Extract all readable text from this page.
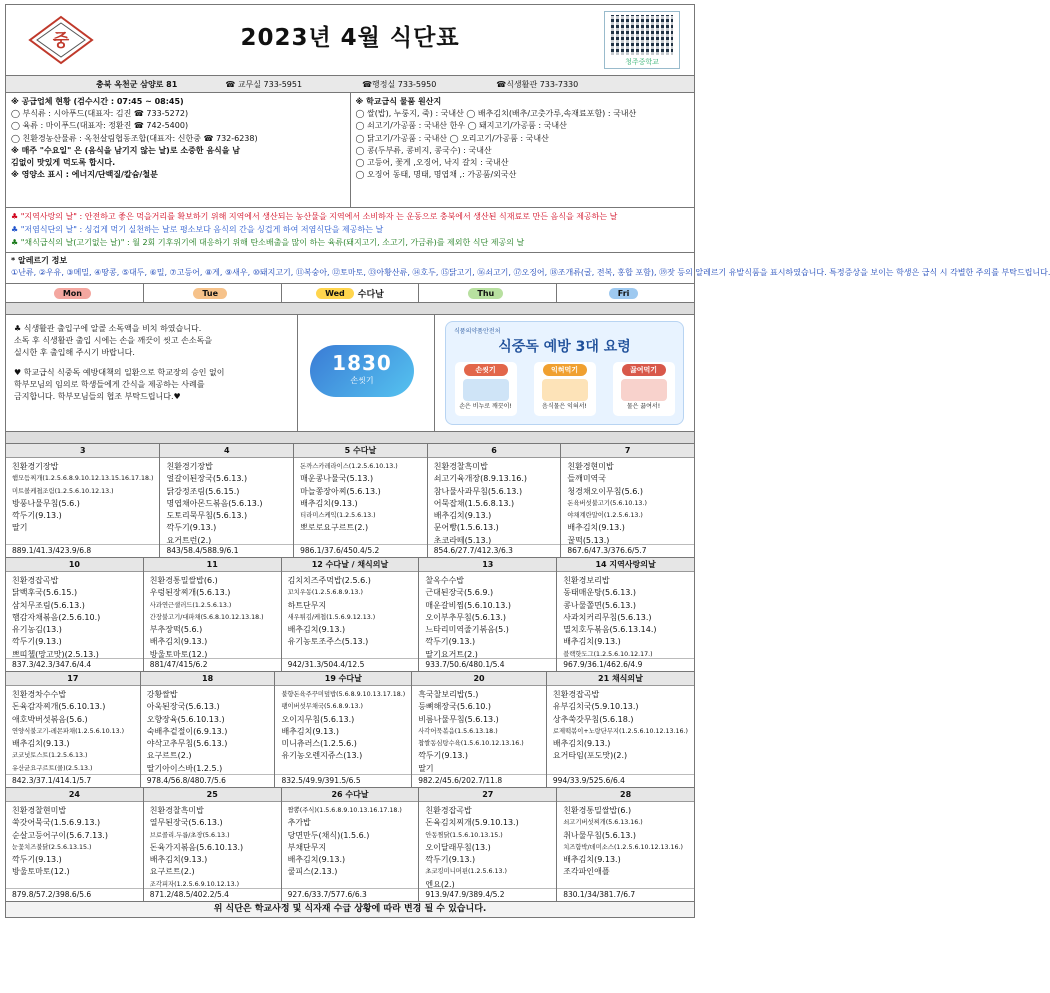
중	2023년 4월 식단표
청주중학교
충북 옥천군 삼양로 81	☎ 교무실 733-5951	☎행정실 733-5950	☎식생활관 733-7330
※ 공급업체 현황 (검수시간 : 07:45 ~ 08:45)
◯ 부식류 : 시아푸드(대표자: 김진 ☎ 733-5272)
◯ 육류 : 마이푸드(대표자: 정환진 ☎ 742-5400)
◯ 친환경농산물류 : 옥천살림협동조합(대표자: 신한중 ☎ 732-6238)
※ 매주 "수요일" 은 (음식을 남기지 않는 날)로 소중한 음식을 남
김없이 맛있게 먹도록 합시다.
※ 영양소 표시 : 에너지/단백질/칼슘/철분
※ 학교급식 물품 원산지
◯ 쌀(밥), 누룽지, 죽) : 국내산 ◯ 배추김치(배추/고춧가루,속재료포함) : 국내산
◯ 쇠고기/가공품 : 국내산 한우 ◯ 돼지고기/가공품 : 국내산
◯ 닭고기/가공품 : 국내산 ◯ 오리고기/가공품 : 국내산
◯ 콩(두부류, 콩비지, 콩국수) : 국내산
◯ 고등어, 꽃게 ,오징어, 낙지 갈치 : 국내산
◯ 오징어 동태, 명태, 명엽채 ,: 가공품/외국산
♣ "지역사랑의 날" : 안전하고 좋은 먹을거리를 확보하기 위해 지역에서 생산되는 농산물을 지역에서 소비하자 는 운동으로 충북에서 생산된 식재료로 만든 음식을 제공하는 날
♣ "저염식단의 날" : 싱겁게 먹기 실천하는 날로 평소보다 음식의 간을 싱겁게 하여 저염식단을 제공하는 날
♣ "채식급식의 날(고기없는 날)" : 월 2회 기후위기에 대응하기 위해 탄소배출을 많이 하는 육류(돼지고기, 소고기, 가금류)를 제외한 식단 제공의 날
* 알레르기 정보
①난류, ②우유, ③메밀, ④땅콩, ⑤대두, ⑥밀, ⑦고등어, ⑧게, ⑨새우, ⑩돼지고기, ⑪복숭아, ⑫토마토, ⑬아황산류, ⑭호두, ⑮닭고기, ⑯쇠고기, ⑰오징어, ⑱조개류(굴, 전복, 홍합 포함), ⑲잣 등의 알레르기 유발식품을 표시하였습니다. 특정증상을 보이는 학생은 급식 시 각별한 주의를 부탁드립니다.
Mon	Tue	Wed	수다날	Thu	Fri
♣ 식생활관 출입구에 알콜 소독액을 비치 하였습니다.
소독 후 식생활관 출입 시에는 손을 깨끗이 씻고 손소독을
실시한 후 출입해 주시기 바랍니다.
♥ 학교급식 식중독 예방대책의 일환으로 학교장의 승인 없이
학부모님의 임의로 학생들에게 간식을 제공하는 사례를
금지합니다. 학부모님들의 협조 부탁드립니다.♥
1830
손씻기
식품의약품안전처
식중독 예방 3대 요령
손씻기
손은 비누로 깨끗이!
익혀먹기
음식물은 익혀서!
끓여먹기
물은 끓여서!
3
친환경기장밥
햄모듬찌개(1.2.5.6.8.9.10.12.13.15.16.17.18.)
미트볼케쳡조림(1.2.5.6.10.12.13.)
방풍나물무침(5.6.)
깍두기(9.13.)
딸기
889.1/41.3/423.9/6.8
4
친환경기장밥
얼갈이된장국(5.6.13.)
닭강정조림(5.6.15.)
명엽채아몬드볶음(5.6.13.)
도토리묵무침(5.6.13.)
깍두기(9.13.)
요거트런(2.)
843/58.4/588.9/6.1
5 수다날
돈까스카레라이스(1.2.5.6.10.13.)
매운콩나물국(5.13.)
마늘쫑장아찌(5.6.13.)
배추김치(9.13.)
티라미스케익(1.2.5.6.13.)
뽀로로요구르트(2.)
986.1/37.6/450.4/5.2
6
친환경찰흑미밥
쇠고기육개장(8.9.13.16.)
참나물사과무침(5.6.13.)
어묵잡채(1.5.6.8.13.)
배추김치(9.13.)
문어빵(1.5.6.13.)
초코라떼(5.13.)
854.6/27.7/412.3/6.3
7
친환경현미밥
들깨미역국
청경채오이무침(5.6.)
돈육버섯불고기(5.6.10.13.)
야채계란말이(1.2.5.6.13.)
배추김치(9.13.)
꿀떡(5.13.)
867.6/47.3/376.6/5.7
10
친환경잡곡밥
닭백후국(5.6.15.)
삼치무조림(5.6.13.)
햄감자채볶음(2.5.6.10.)
유기농김(13.)
깍두기(9.13.)
쁘띠첼(망고맛)(2.5.13.)
837.3/42.3/347.6/4.4
11
친환경통밀쌀밥(6.)
우렁된장찌개(5.6.13.)
사과연근샐러드(1.2.5.6.13.)
간장불고기/대파채(5.6.8.10.12.13.18.)
부추장떡(5.6.)
배추김치(9.13.)
방울토마토(12.)
881/47/415/6.2
12 수다날 / 채식의날
김치치즈주먹밥(2.5.6.)
꼬치우동(1.2.5.6.8.9.13.)
하트단무지
새우튀김/케첩(1.5.6.9.12.13.)
배추김치(9.13.)
유기농토조주스(5.13.)
942/31.3/504.4/12.5
13
찰옥수수밥
근대된장국(5.6.9.)
매운갈비찜(5.6.10.13.)
오이부추무침(5.6.13.)
느타리미역줄기볶음(5.)
깍두기(9.13.)
딸기요거트(2.)
933.7/50.6/480.1/5.4
14 지역사랑의날
친환경보리밥
동태매운탕(5.6.13.)
콩나물쫄면(5.6.13.)
사과치커리무침(5.6.13.)
멸치호두볶음(5.6.13.14.)
배추김치(9.13.)
블랙핫도그(1.2.5.6.10.12.17.)
967.9/36.1/462.6/4.9
17
친환경차수수밥
돈육감자찌개(5.6.10.13.)
애호박버섯볶음(5.6.)
연양식불고기-레몬파채(1.2.5.6.10.13.)
배추김치(9.13.)
코코넛토스트(1.2.5.6.13.)
유산균요구르트(쿨)(2.5.13.)
842.3/37.1/414.1/5.7
18
강황쌀밥
아욱된장국(5.6.13.)
오향장육(5.6.10.13.)
숙배추겉절이(6.9.13.)
야삭고추무침(5.6.13.)
요구르트(2.)
딸기아이스바(1.2.5.)
978.4/56.8/480.7/5.6
19 수다날
불향돈육주꾸미덮밥(5.6.8.9.10.13.17.18.)
팽이버섯무채국(5.6.8.9.13.)
오이지무침(5.6.13.)
배추김치(9.13.)
미니츄러스(1.2.5.6.)
유기농오렌지쥬스(13.)
832.5/49.9/391.5/6.5
20
흑국찰보리밥(5.)
등뼈해장국(5.6.10.)
비름나물무침(5.6.13.)
사각어묵볶음(1.5.6.13.18.)
찹쌀동심탕수육(1.5.6.10.12.13.16.)
깍두기(9.13.)
딸기
982.2/45.6/202.7/11.8
21 채식의날
친환경잡곡밥
유부김치국(5.9.10.13.)
상추쑥갓무침(5.6.18.)
로제떡볶이+노랑단무지(1.2.5.6.10.12.13.16.)
배추김치(9.13.)
요거타임(포도맛)(2.)
994/33.9/525.6/6.4
24
친환경찰현미밥
쑥갓어묵국(1.5.6.9.13.)
순살고등어구이(5.6.7.13.)
눈꽃치즈불닭(2.5.6.13.15.)
깍두기(9.13.)
방울토마토(12.)
879.8/57.2/398.6/5.6
25
친환경찰흑미밥
열무된장국(5.6.13.)
브로콜리.두릅/초장(5.6.13.)
돈육가지볶음(5.6.10.13.)
배추김치(9.13.)
요구르트(2.)
조각피자(1.2.5.6.9.10.12.13.)
871.2/48.5/402.2/5.4
26 수다날
짬뽕(주식)(1.5.6.8.9.10.13.16.17.18.)
추가밥
당면만두(채식)(1.5.6.)
부채단무지
배추김치(9.13.)
쿨피스(2.13.)
927.6/33.7/577.6/6.3
27
친환경잡곡밥
돈육김치찌개(5.9.10.13.)
안동찜닭(1.5.6.10.13.15.)
오이달래무침(13.)
깍두기(9.13.)
초코킹미니머핀(1.2.5.6.13.)
엔요(2.)
913.9/47.9/389.4/5.2
28
친환경통밀쌀밥(6.)
쇠고기버섯찌개(5.6.13.16.)
취나물무침(5.6.13.)
치즈함박/데미소스(1.2.5.6.10.12.13.16.)
배추김치(9.13.)
조각파인애플
830.1/34/381.7/6.7
위 식단은 학교사정 및 식자재 수급 상황에 따라 변경 될 수 있습니다.
